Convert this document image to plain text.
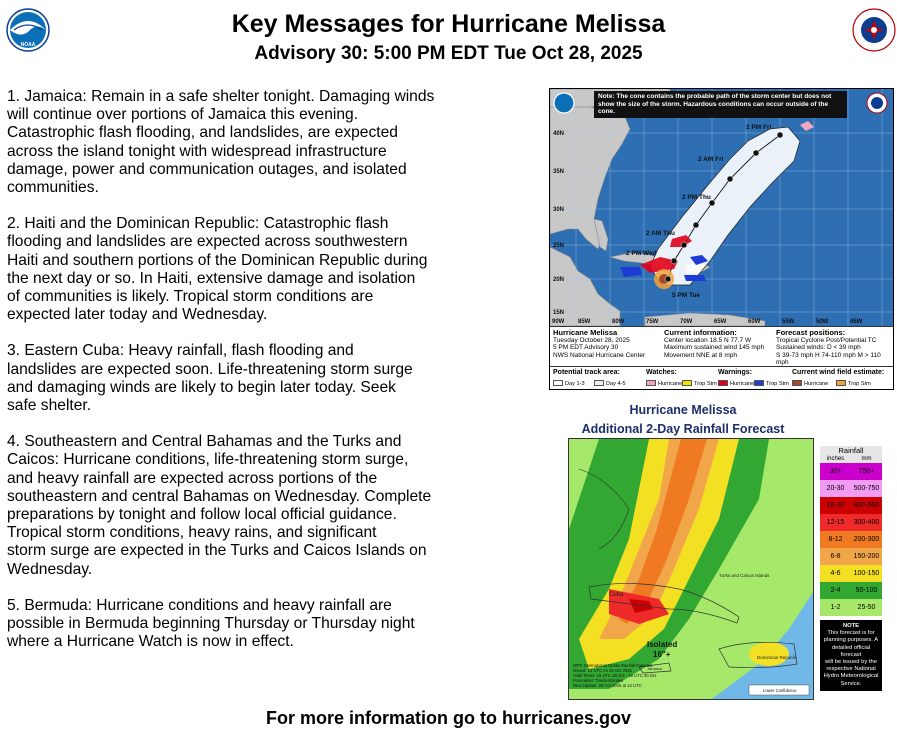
NOAA
Key Messages for Hurricane Melissa
Advisory 30: 5:00 PM EDT Tue Oct 28, 2025
1. Jamaica: Remain in a safe shelter tonight. Damaging winds
will continue over portions of Jamaica this evening.
Catastrophic flash flooding, and landslides, are expected
across the island tonight with widespread infrastructure
damage, power and communication outages, and isolated
communities.
2. Haiti and the Dominican Republic: Catastrophic flash
flooding and landslides are expected across southwestern
Haiti and southern portions of the Dominican Republic during
the next day or so. In Haiti, extensive damage and isolation
of communities is likely. Tropical storm conditions are
expected later today and Wednesday.
3. Eastern Cuba: Heavy rainfall, flash flooding and
landslides are expected soon. Life-threatening storm surge
and damaging winds are likely to begin later today. Seek
safe shelter.
4. Southeastern and Central Bahamas and the Turks and
Caicos: Hurricane conditions, life-threatening storm surge,
and heavy rainfall are expected across portions of the
southeastern and central Bahamas on Wednesday. Complete
preparations by tonight and follow local official guidance.
Tropical storm conditions, heavy rains, and significant
storm surge are expected in the Turks and Caicos Islands on
Wednesday.
5. Bermuda: Hurricane conditions and heavy rainfall are
possible in Bermuda beginning Thursday or Thursday night
where a Hurricane Watch is now in effect.
2 PM Fri
2 AM Fri
2 PM Thu
2 AM Thu
2 PM Wed
5 PM Tue
40N
35N
30N
25N
20N
15N
90W 85W	80W	75W	70W	65W	60W	55W	50W	45W
Note: The cone contains the probable path of the storm center but does not show the size of the storm. Hazardous conditions can occur outside of the cone.
Hurricane Melissa
Tuesday October 28, 2025
5 PM EDT Advisory 30
NWS National Hurricane Center
Current information:
Center location 18.5 N 77.7 W
Maximum sustained wind 145 mph
Movement NNE at 8 mph
Forecast positions:
Tropical Cyclone Post/Potential TC
Sustained winds: D < 39 mph
S 39-73 mph H 74-110 mph M > 110 mph
Potential track area:
Day 1-3	Day 4-5
Watches:
Hurricane	Trop Stm
Warnings:
Hurricane	Trop Stm
Current wind field estimate:
Hurricane	Trop Stm
Hurricane Melissa
Additional 2-Day Rainfall Forecast
Cuba
Turks and Caicos Islands
Dominican Republic
Jamaica
Isolated
16"+
Lower Confidence
WPC International Desks Rainfall Forecast
Issued: 21 UTC on 28 Oct 2025
Valid Times: 18 UTC 28 Oct - 18 UTC 30 Oct
Forecaster: Tirado-Morales
Next Update: 29 Oct 2025 at 12 UTC
Rainfall
inches	mm
30+	750+
20-30	500-750
16-20	400-500
12-15	300-400
8-12	200-300
6-8	150-200
4-6	100-150
2-4	50-100
1-2	25-50
NOTE
This forecast is for
planning purposes. A
detailed official forecast
will be issued by the
respective National
Hydro Meteorological
Service.
For more information go to hurricanes.gov
